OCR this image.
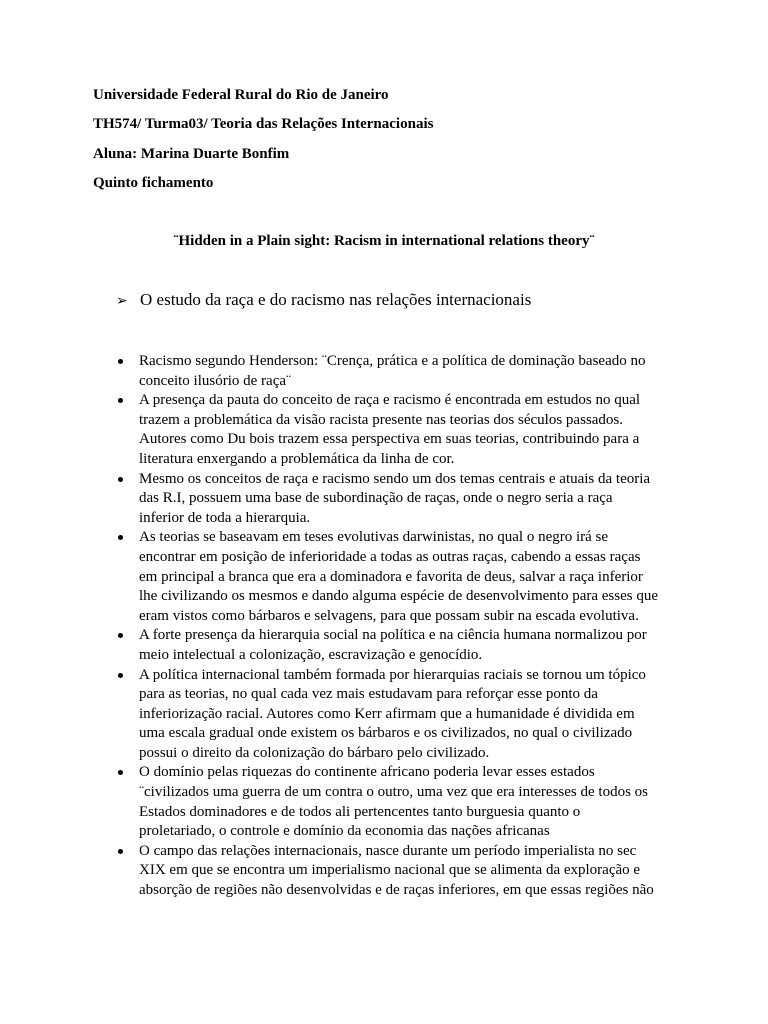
Universidade Federal Rural do Rio de Janeiro
TH574/ Turma03/ Teoria das Relações Internacionais
Aluna: Marina Duarte Bonfim
Quinto fichamento
¨Hidden in a Plain sight: Racism in international relations theory¨
➢ O estudo da raça e do racismo nas relações internacionais
Racismo segundo Henderson: ¨Crença, prática e a política de dominação baseado no
conceito ilusório de raça¨
A presença da pauta do conceito de raça e racismo é encontrada em estudos no qual
trazem a problemática da visão racista presente nas teorias dos séculos passados.
Autores como Du bois trazem essa perspectiva em suas teorias, contribuindo para a
literatura enxergando a problemática da linha de cor.
Mesmo os conceitos de raça e racismo sendo um dos temas centrais e atuais da teoria
das R.I, possuem uma base de subordinação de raças, onde o negro seria a raça
inferior de toda a hierarquia.
As teorias se baseavam em teses evolutivas darwinistas, no qual o negro irá se
encontrar em posição de inferioridade a todas as outras raças, cabendo a essas raças
em principal a branca que era a dominadora e favorita de deus, salvar a raça inferior
lhe civilizando os mesmos e dando alguma espécie de desenvolvimento para esses que
eram vistos como bárbaros e selvagens, para que possam subir na escada evolutiva.
A forte presença da hierarquia social na política e na ciência humana normalizou por
meio intelectual a colonização, escravização e genocídio.
A política internacional também formada por hierarquias raciais se tornou um tópico
para as teorias, no qual cada vez mais estudavam para reforçar esse ponto da
inferiorização racial. Autores como Kerr afirmam que a humanidade é dividida em
uma escala gradual onde existem os bárbaros e os civilizados, no qual o civilizado
possui o direito da colonização do bárbaro pelo civilizado.
O domínio pelas riquezas do continente africano poderia levar esses estados
¨civilizados uma guerra de um contra o outro, uma vez que era interesses de todos os
Estados dominadores e de todos ali pertencentes tanto burguesia quanto o
proletariado, o controle e domínio da economia das nações africanas
O campo das relações internacionais, nasce durante um período imperialista no sec
XIX em que se encontra um imperialismo nacional que se alimenta da exploração e
absorção de regiões não desenvolvidas e de raças inferiores, em que essas regiões não
